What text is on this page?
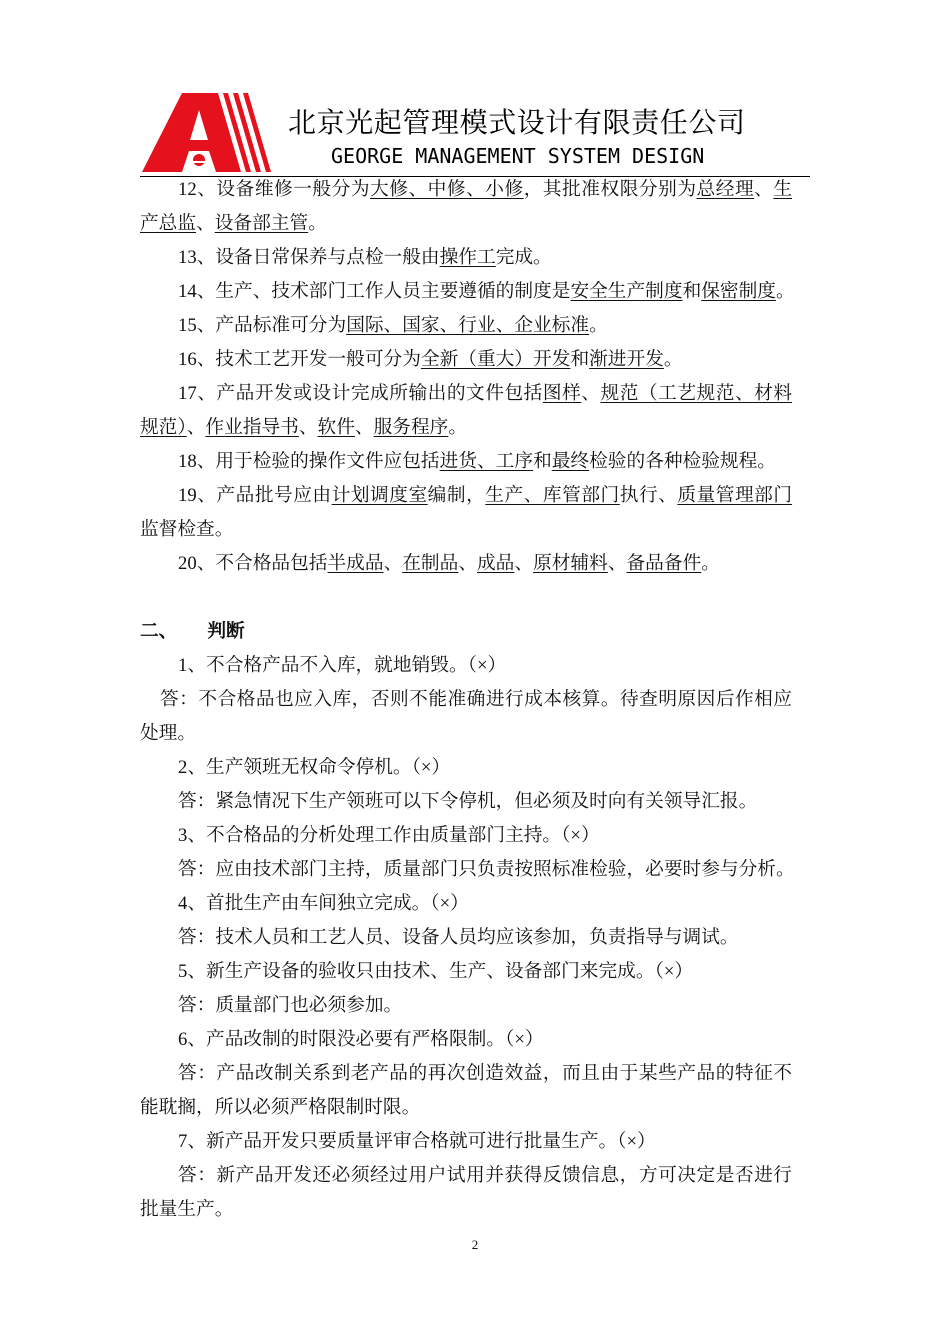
北京光起管理模式设计有限责任公司
GEORGE MANAGEMENT SYSTEM DESIGN
12、设备维修一般分为大修、中修、小修，其批准权限分别为总经理、生
产总监、设备部主管。
13、设备日常保养与点检一般由操作工完成。
14、生产、技术部门工作人员主要遵循的制度是安全生产制度和保密制度。
15、产品标准可分为国际、国家、行业、企业标准。
16、技术工艺开发一般可分为全新（重大）开发和渐进开发。
17、产品开发或设计完成所输出的文件包括图样、规范（工艺规范、材料
规范）、作业指导书、软件、服务程序。
18、用于检验的操作文件应包括进货、工序和最终检验的各种检验规程。
19、产品批号应由计划调度室编制，生产、库管部门执行、质量管理部门
监督检查。
20、不合格品包括半成品、在制品、成品、原材辅料、备品备件。
二、 判断
1、不合格产品不入库，就地销毁。（×）
答：不合格品也应入库，否则不能准确进行成本核算。待查明原因后作相应
处理。
2、生产领班无权命令停机。（×）
答：紧急情况下生产领班可以下令停机，但必须及时向有关领导汇报。
3、不合格品的分析处理工作由质量部门主持。（×）
答：应由技术部门主持，质量部门只负责按照标准检验，必要时参与分析。
4、首批生产由车间独立完成。（×）
答：技术人员和工艺人员、设备人员均应该参加，负责指导与调试。
5、新生产设备的验收只由技术、生产、设备部门来完成。（×）
答：质量部门也必须参加。
6、产品改制的时限没必要有严格限制。（×）
答：产品改制关系到老产品的再次创造效益，而且由于某些产品的特征不
能耽搁，所以必须严格限制时限。
7、新产品开发只要质量评审合格就可进行批量生产。（×）
答：新产品开发还必须经过用户试用并获得反馈信息，方可决定是否进行
批量生产。
2
